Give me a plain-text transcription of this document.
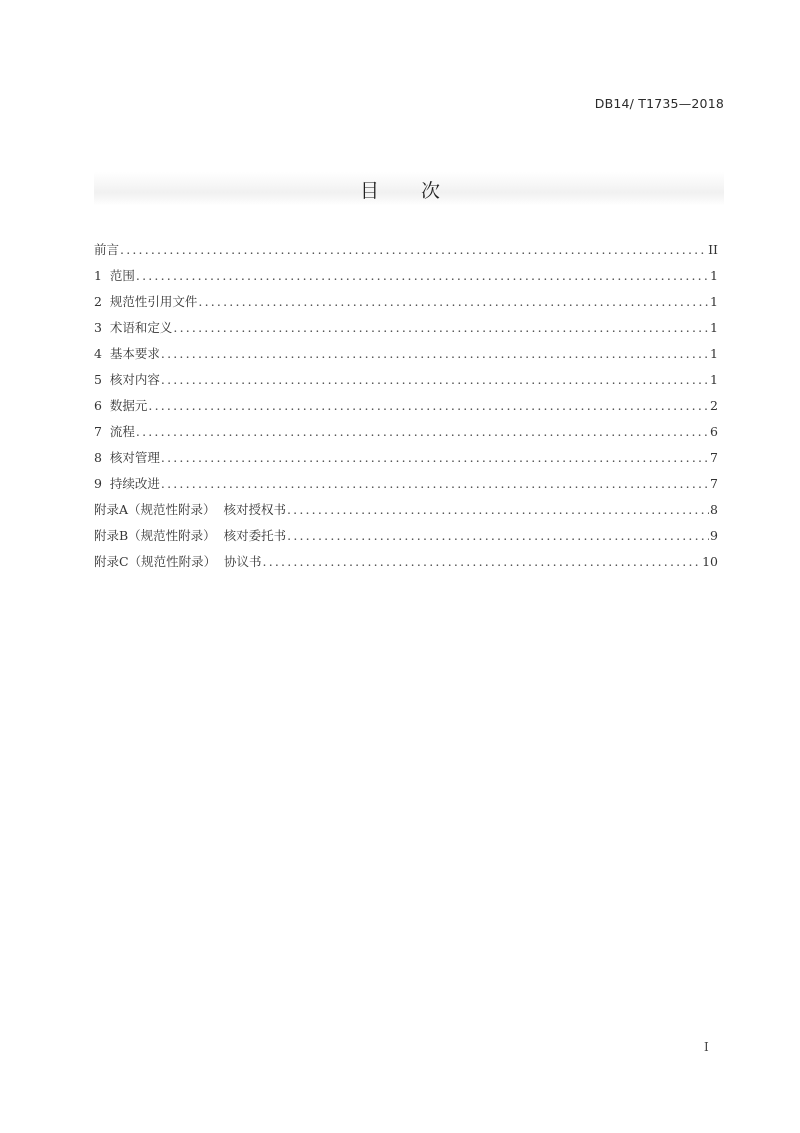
DB14/ T1735—2018
目 次
前言 .....	II
1  范围 .....	1
2  规范性引用文件 .....	1
3  术语和定义 .....	1
4  基本要求 .....	1
5  核对内容 .....	1
6  数据元 .....	2
7  流程 .....	6
8  核对管理 .....	7
9  持续改进 .....	7
附录A（规范性附录）  核对授权书 .....	8
附录B（规范性附录）  核对委托书 .....	9
附录C（规范性附录）  协议书 .....	10
I
